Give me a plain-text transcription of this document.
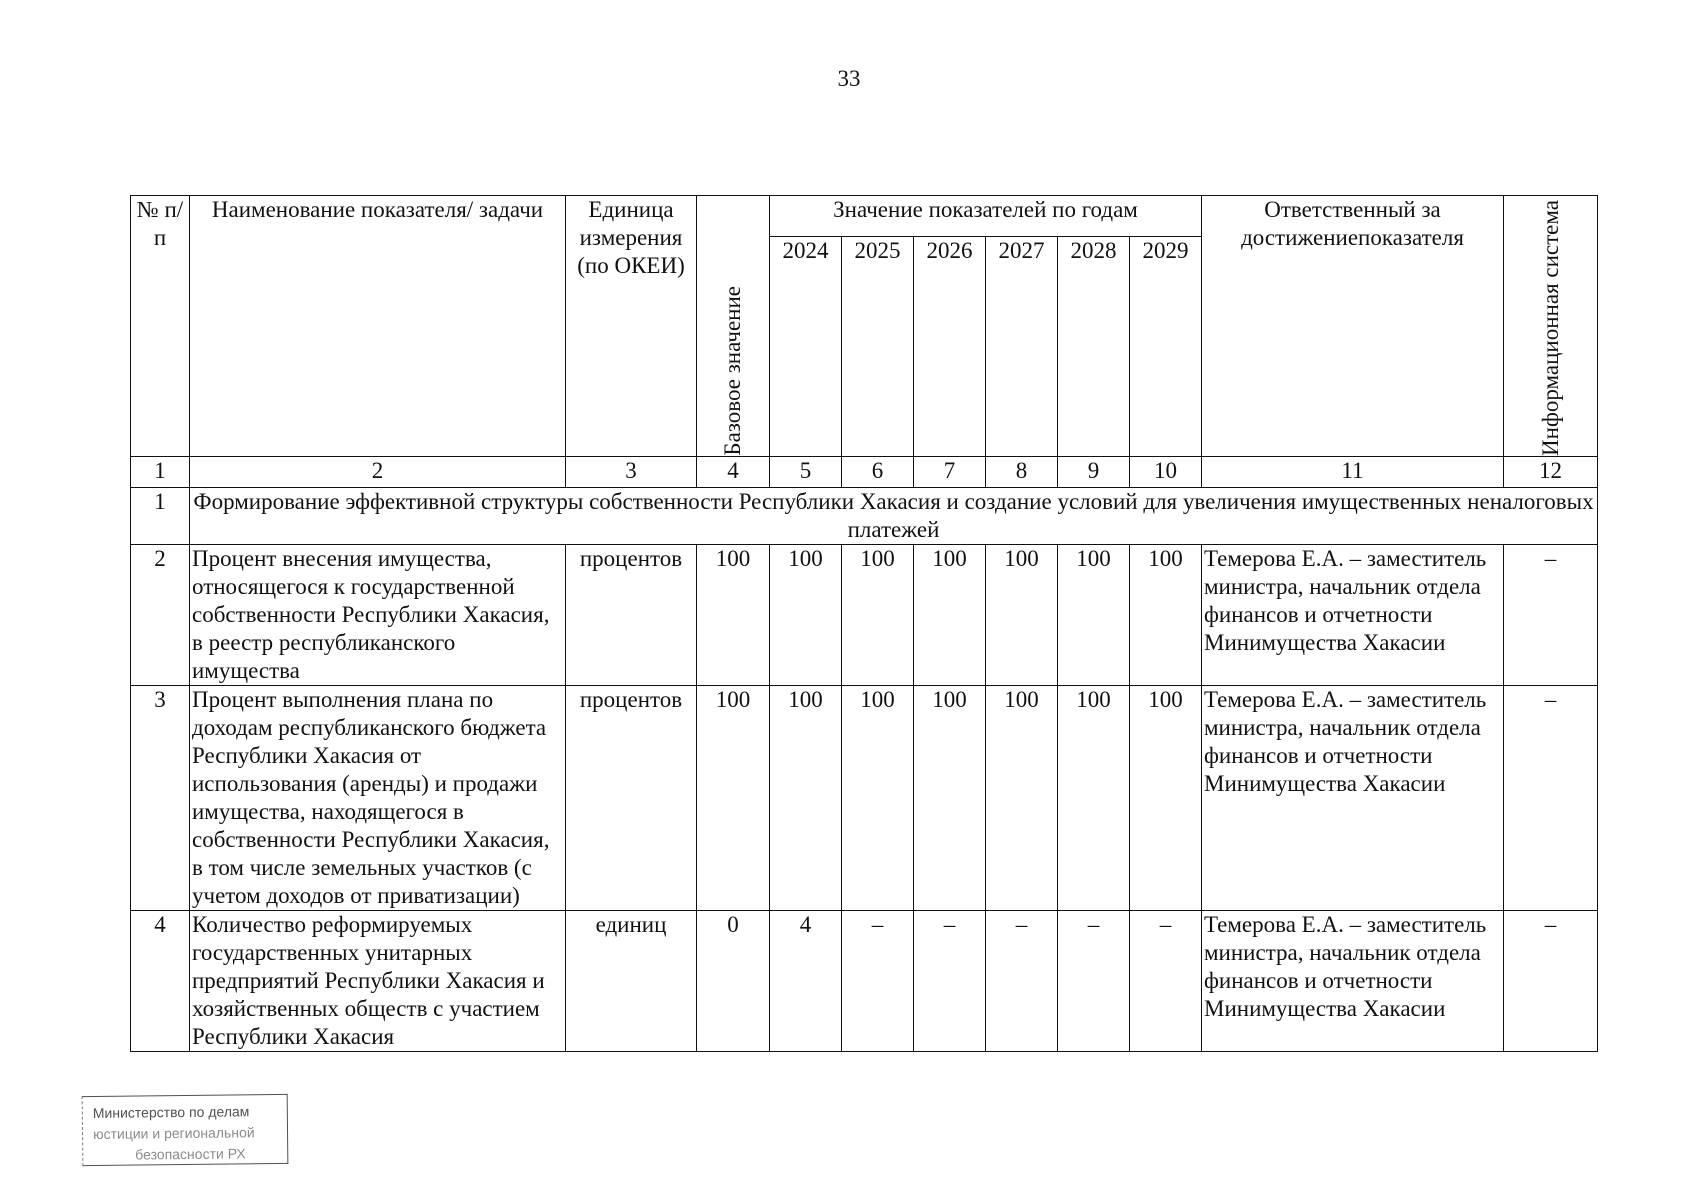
33
№ п/п	Наименование показателя/ задачи	Единица измерения (по ОКЕИ)	Базовое значение	Значение показателей по годам						Ответственный за достижениепоказателя	Информационная система

				2024	2025	2026	2027	2028	2029		
1	2	3	4	5	6	7	8	9	10	11	12
1	Формирование эффективной структуры собственности Республики Хакасия и создание условий для увеличения имущественных неналоговых платежей										
2	Процент внесения имущества, относящегося к государственной собственности Республики Хакасия, в реестр республиканского имущества	процентов	100	100	100	100	100	100	100	Темерова Е.А. – заместитель министра, начальник отдела финансов и отчетности Минимущества Хакасии	–
3	Процент выполнения плана по доходам республиканского бюджета Республики Хакасия от использования (аренды) и продажи имущества, находящегося в собственности Республики Хакасия, в том числе земельных участков (с учетом доходов от приватизации)	процентов	100	100	100	100	100	100	100	Темерова Е.А. – заместитель министра, начальник отдела финансов и отчетности Минимущества Хакасии	–
4	Количество реформируемых государственных унитарных предприятий Республики Хакасия и хозяйственных обществ с участием Республики Хакасия	единиц	0	4	–	–	–	–	–	Темерова Е.А. – заместитель министра, начальник отдела финансов и отчетности Минимущества Хакасии	–
Министерство по делам
юстиции и региональной
безопасности РХ
